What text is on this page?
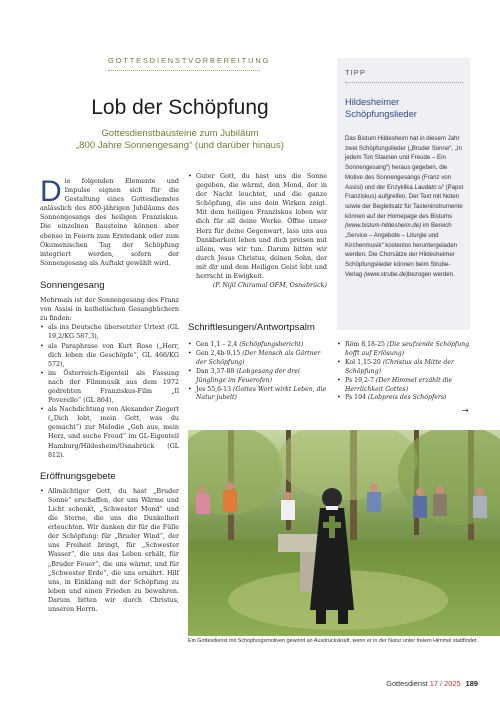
GOTTESDIENSTVORBEREITUNG
Lob der Schöpfung
Gottesdienstbausteine zum Jubiläum
„800 Jahre Sonnengesang“ (und darüber hinaus)

Die folgenden Elemente und Impulse eignen sich für die Gestaltung eines Gottesdienstes anlässlich des 800-jährigen Jubiläums des Sonnengesangs des heiligen Franziskus. Die einzelnen Bausteine können aber ebenso in Feiern zum Erntedank oder zum Ökumenischen Tag der Schöpfung integriert werden, sofern der Sonnengesang als Auftakt gewählt wird.

Sonnengesang

Mehrmals ist der Sonnengesang des Franz von Assisi in katholischen Gesangbüchern zu finden:

• als ins Deutsche übersetzter Urtext (GL 19,2/KG 587,3),

• als Paraphrase von Kurt Rose („Herr, dich loben die Geschöpfe“, GL 466/KG 572),

• im Österreich-Eigenteil als Fassung nach der Filmmusik aus dem 1972 gedrehten Franziskus-Film „Il Poverello“ (GL 864),

• als Nachdichtung von Alexander Ziegert („Dich lobt, mein Gott, was du gemacht“) zur Melodie „Geh aus, mein Herz, und suche Freud“ im GL-Eigenteil Hamburg/Hildesheim/Osnabrück (GL 812).

Eröffnungsgebete

• Allmächtiger Gott, du hast „Bruder Sonne“ erschaffen, der uns Wärme und Licht schenkt, „Schwester Mond“ und die Sterne, die uns die Dunkelheit erleuchten. Wir danken dir für die Fülle der Schöpfung: für „Bruder Wind“, der uns Freiheit bringt, für „Schwester Wasser“, die uns das Leben erhält, für „Bruder Feuer“, die uns wärmt, und für „Schwester Erde“, die uns ernährt. Hilf uns, in Einklang mit der Schöpfung zu leben und einen Frieden zu bewahren. Darum bitten wir durch Christus, unseren Herrn.

• Guter Gott, du hast uns die Sonne gegeben, die wärmt, den Mond, der in der Nacht leuchtet, und die ganze Schöpfung, die uns dein Wirken zeigt. Mit dem heiligen Franziskus loben wir dich für all deine Werke. Öffne unser Herz für deine Gegenwart, lass uns aus Dankbarkeit leben und dich preisen mit allem, was wir tun. Darum bitten wir durch Jesus Christus, deinen Sohn, der mit dir und dem Heiligen Geist lebt und herrscht in Ewigkeit.

(P. Nijil Chiramal OFM, Osnabrück)

Schriftlesungen/Antwortpsalm
• Gen 1,1 – 2,4 (Schöpfungsbericht)
• Gen 2,4b-9.15 (Der Mensch als Gärtner der Schöpfung)
• Dan 3,57-88 (Lobgesang der drei Jünglinge im Feuerofen)
• Jes 55,6-13 (Gottes Wort wirkt Leben, die Natur jubelt)
• Röm 8,18-25 (Die seufzende Schöpfung hofft auf Erlösung)
• Kol 1,15-20 (Christus als Mitte der Schöpfung)
• Ps 19,2-7 (Der Himmel erzählt die Herrlichkeit Gottes)
• Ps 104 (Lobpreis des Schöpfers)
→
TIPP
Hildesheimer Schöpfungslieder
Das Bistum Hildesheim hat in diesem Jahr zwei Schöpfungslieder („Bruder Sonne“, „In jedem Ton Staunen und Freude – Ein Sonnengesang“) heraus gegeben, die Motive des Sonnengesangs (Franz von Assisi) und der Enzyklika Laudato si‘ (Papst Franziskus) aufgreifen. Der Text mit Noten sowie der Begleitsatz für Tasteninstrumente können auf der Homepage des Bistums (www.bistum-hildesheim.de) im Bereich „Service – Angebote – Liturgie und Kirchenmusik“ kostenlos heruntergeladen werden. Die Chorsätze der Hildesheimer Schöpfungslieder können beim Strube-Verlag (www.strube.de)bezogen werden.
Ein Gottesdienst mit Schöpfungsmotiven gewinnt an Ausdruckskraft, wenn er in der Natur unter freiem Himmel stattfindet.
Gottesdienst 17 / 2025 189
